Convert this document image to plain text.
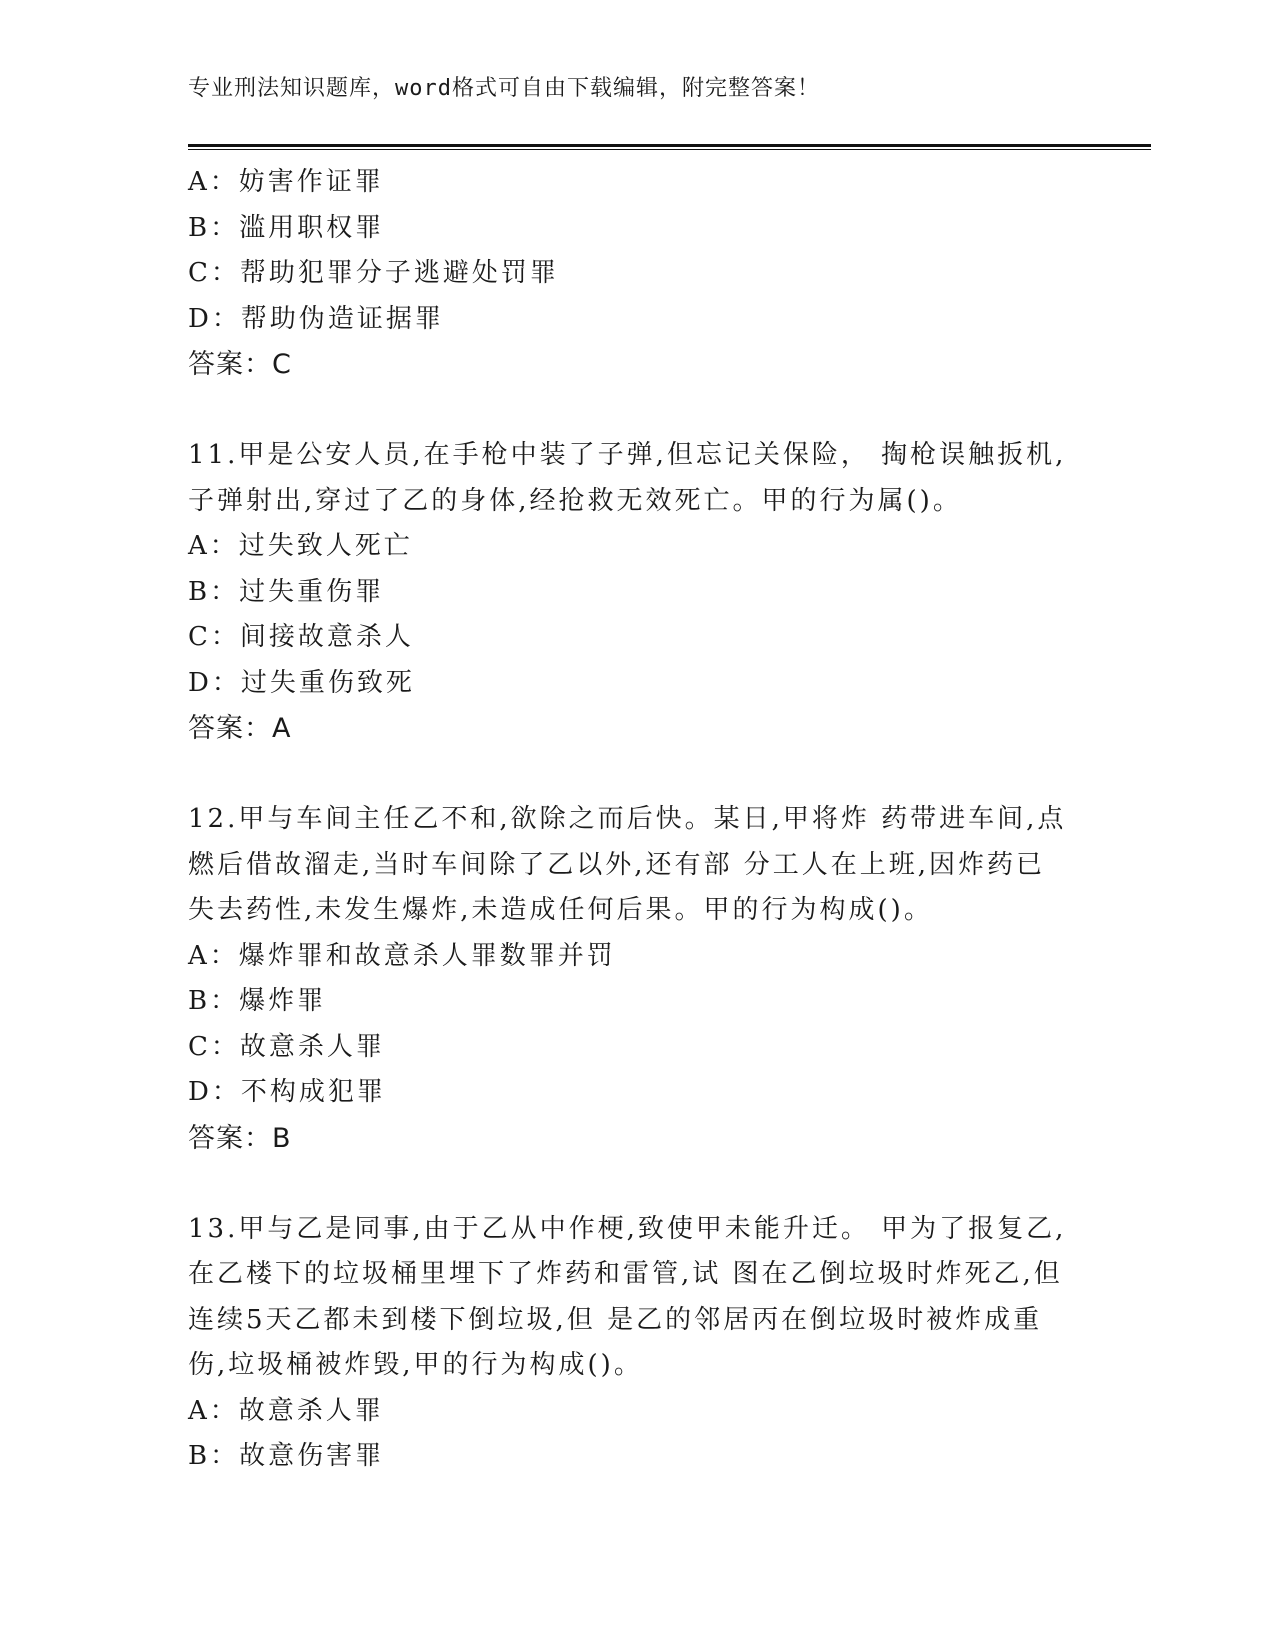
专业刑法知识题库，word格式可自由下载编辑，附完整答案！
A：妨害作证罪
B：滥用职权罪
C：帮助犯罪分子逃避处罚罪
D：帮助伪造证据罪
答案：C
11.甲是公安人员,在手枪中装了子弹,但忘记关保险， 掏枪误触扳机,
子弹射出,穿过了乙的身体,经抢救无效死亡。甲的行为属()。
A：过失致人死亡
B：过失重伤罪
C：间接故意杀人
D：过失重伤致死
答案：A
12.甲与车间主任乙不和,欲除之而后快。某日,甲将炸 药带进车间,点
燃后借故溜走,当时车间除了乙以外,还有部 分工人在上班,因炸药已
失去药性,未发生爆炸,未造成任何后果。甲的行为构成()。
A：爆炸罪和故意杀人罪数罪并罚
B：爆炸罪
C：故意杀人罪
D：不构成犯罪
答案：B
13.甲与乙是同事,由于乙从中作梗,致使甲未能升迁。 甲为了报复乙,
在乙楼下的垃圾桶里埋下了炸药和雷管,试 图在乙倒垃圾时炸死乙,但
连续5天乙都未到楼下倒垃圾,但 是乙的邻居丙在倒垃圾时被炸成重
伤,垃圾桶被炸毁,甲的行为构成()。
A：故意杀人罪
B：故意伤害罪
